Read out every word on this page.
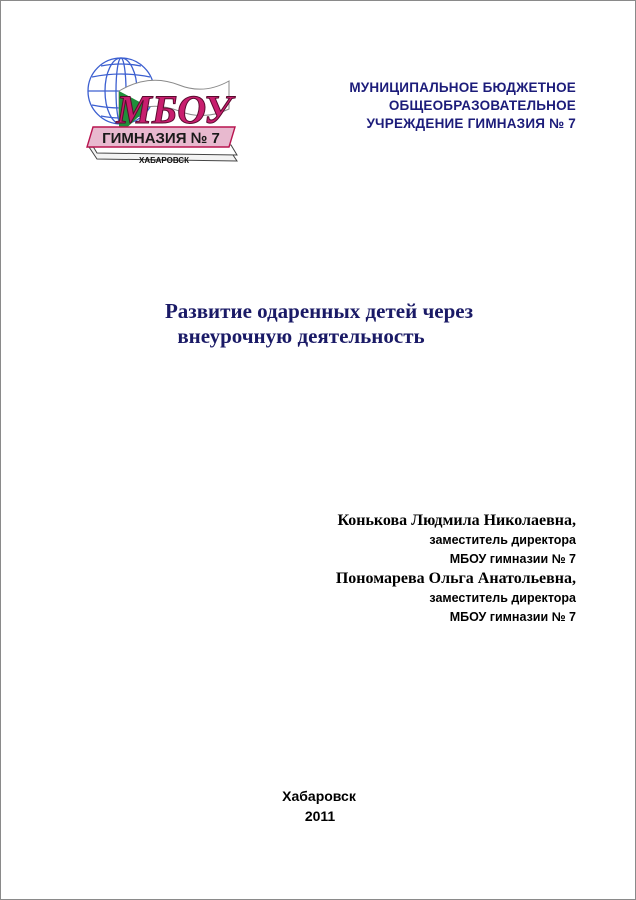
МБОУ
ГИМНАЗИЯ № 7
ХАБАРОВСК
МУНИЦИПАЛЬНОЕ БЮДЖЕТНОЕ
ОБЩЕОБРАЗОВАТЕЛЬНОЕ
УЧРЕЖДЕНИЕ ГИМНАЗИЯ № 7
Развитие одаренных детей через
внеурочную деятельность
Конькова Людмила Николаевна,
заместитель директора
МБОУ гимназии № 7
Пономарева Ольга Анатольевна,
заместитель директора
МБОУ гимназии № 7
Хабаровск
2011
